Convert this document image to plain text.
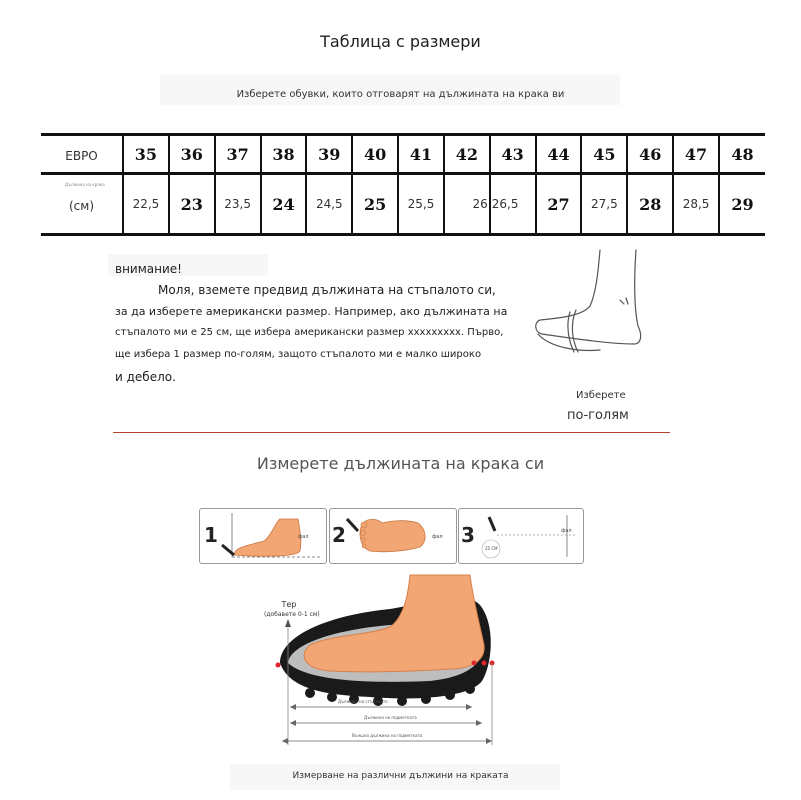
Таблица с размери
Изберете обувки, които отговарят на дължината на крака ви
ЕВРО	35	36	37	38	39	40	41	42	43	44	45	46	47	48

Дължина на крака
(см)	22,5	23	23,5	24	24,5	25	25,5	26	26,5	27	27,5	28	28,5	29
внимание!
Моля, вземете предвид дължината на стъпалото си,
за да изберете американски размер. Например, ако дължината на
стъпалото ми е 25 см, ще избера американски размер xxxxxxxxx. Първо,
ще избера 1 размер по-голям, защото стъпалото ми е малко широко
и дебело.
Изберете
по-голям
Измерете дължината на крака си
1	фал 2	фал 3
25 CM
фал
Тер
(добавете 0-1 см)
Дължина на стъпалото
Дължина на подметката
Външна дължина на подметката
Измерване на различни дължини на краката
